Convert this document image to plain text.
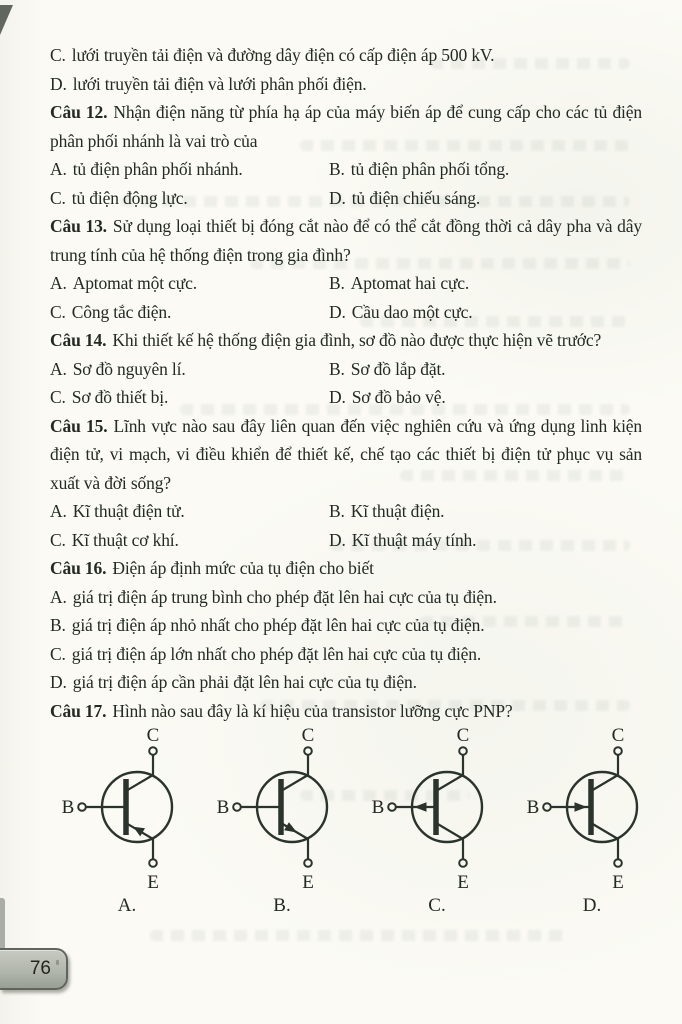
C. lưới truyền tải điện và đường dây điện có cấp điện áp 500 kV.

D. lưới truyền tải điện và lưới phân phối điện.

Câu 12. Nhận điện năng từ phía hạ áp của máy biến áp để cung cấp cho các tủ điện phân phối nhánh là vai trò của

A. tủ điện phân phối nhánh.	B. tủ điện phân phối tổng.

C. tủ điện động lực.	D. tủ điện chiếu sáng.

Câu 13. Sử dụng loại thiết bị đóng cắt nào để có thể cắt đồng thời cả dây pha và dây trung tính của hệ thống điện trong gia đình?

A. Aptomat một cực.	B. Aptomat hai cực.

C. Công tắc điện.	D. Cầu dao một cực.

Câu 14. Khi thiết kế hệ thống điện gia đình, sơ đồ nào được thực hiện vẽ trước?

A. Sơ đồ nguyên lí.	B. Sơ đồ lắp đặt.

C. Sơ đồ thiết bị.	D. Sơ đồ bảo vệ.

Câu 15. Lĩnh vực nào sau đây liên quan đến việc nghiên cứu và ứng dụng linh kiện điện tử, vi mạch, vi điều khiển để thiết kế, chế tạo các thiết bị điện tử phục vụ sản xuất và đời sống?

A. Kĩ thuật điện tử.	B. Kĩ thuật điện.

C. Kĩ thuật cơ khí.	D. Kĩ thuật máy tính.

Câu 16. Điện áp định mức của tụ điện cho biết

A. giá trị điện áp trung bình cho phép đặt lên hai cực của tụ điện.

B. giá trị điện áp nhỏ nhất cho phép đặt lên hai cực của tụ điện.

C. giá trị điện áp lớn nhất cho phép đặt lên hai cực của tụ điện.

D. giá trị điện áp cần phải đặt lên hai cực của tụ điện.

Câu 17. Hình nào sau đây là kí hiệu của transistor lưỡng cực PNP?

C
B
E
A.
C
B
E
B.
C
B
E
C.
C
B
E
D.
76
